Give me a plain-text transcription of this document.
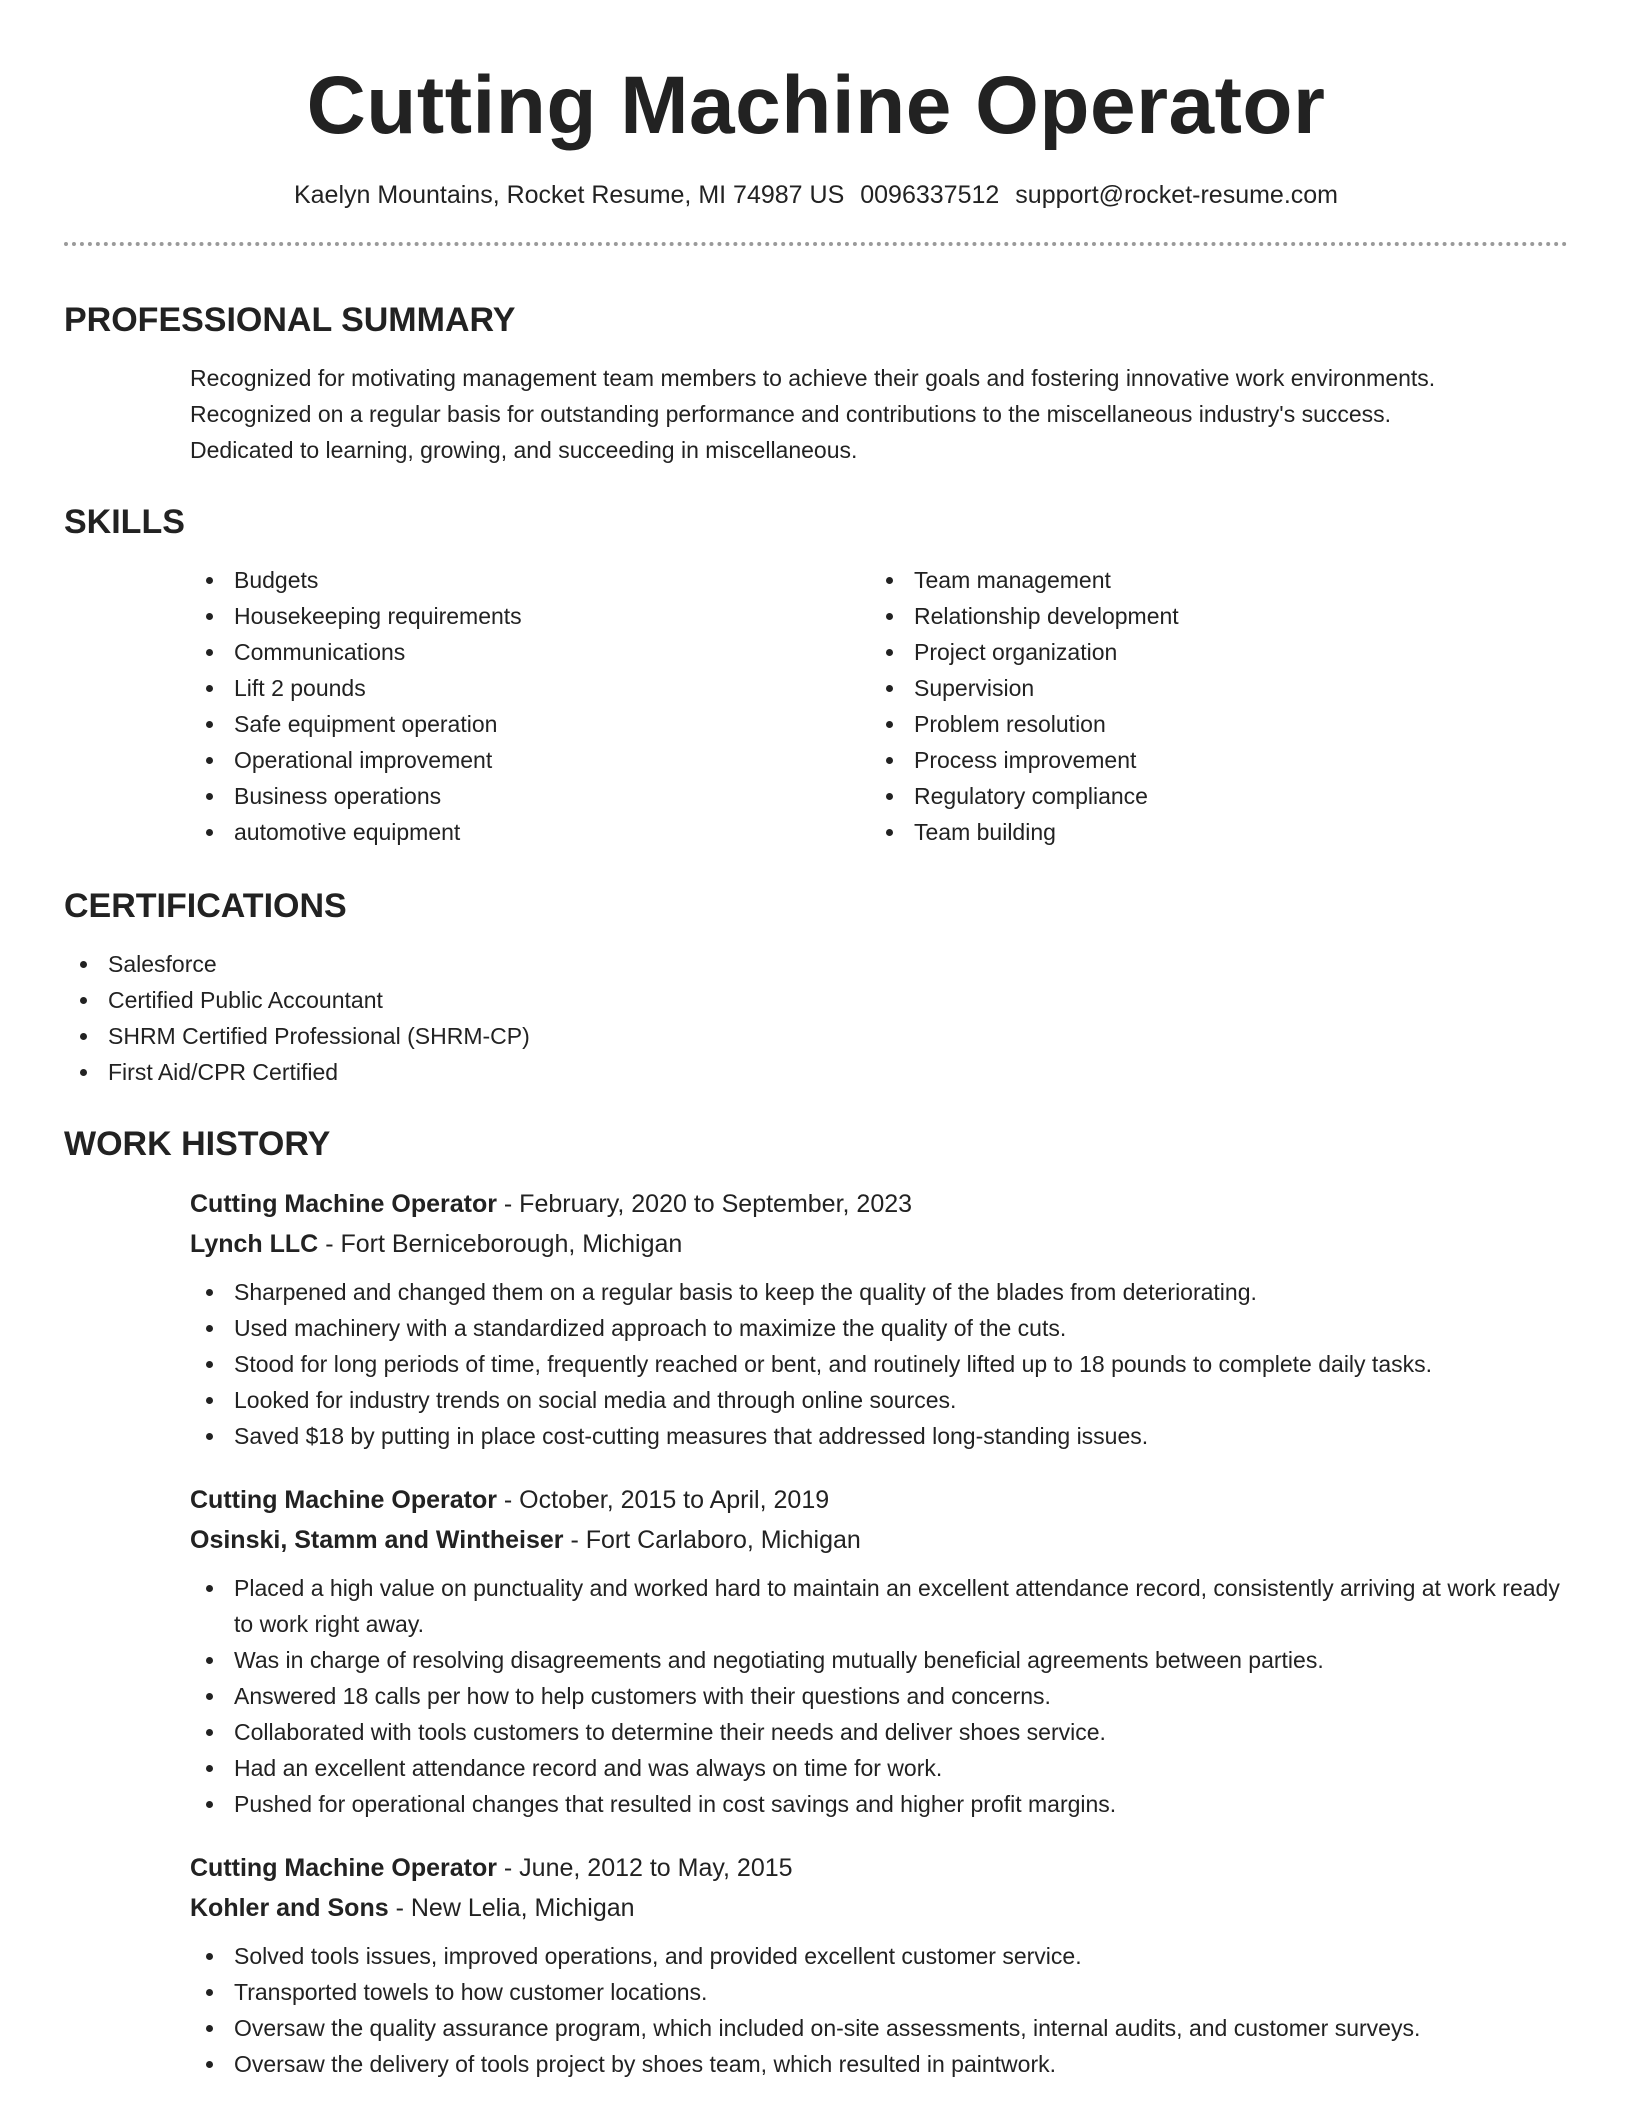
Cutting Machine Operator
Kaelyn Mountains, Rocket Resume, MI 74987 US 0096337512 support@rocket-resume.com
PROFESSIONAL SUMMARY
Recognized for motivating management team members to achieve their goals and fostering innovative work environments.
Recognized on a regular basis for outstanding performance and contributions to the miscellaneous industry's success.
Dedicated to learning, growing, and succeeding in miscellaneous.
SKILLS
Budgets
Housekeeping requirements
Communications
Lift 2 pounds
Safe equipment operation
Operational improvement
Business operations
automotive equipment
Team management
Relationship development
Project organization
Supervision
Problem resolution
Process improvement
Regulatory compliance
Team building
CERTIFICATIONS
Salesforce
Certified Public Accountant
SHRM Certified Professional (SHRM-CP)
First Aid/CPR Certified
WORK HISTORY
Cutting Machine Operator - February, 2020 to September, 2023
Lynch LLC - Fort Berniceborough, Michigan
Sharpened and changed them on a regular basis to keep the quality of the blades from deteriorating.
Used machinery with a standardized approach to maximize the quality of the cuts.
Stood for long periods of time, frequently reached or bent, and routinely lifted up to 18 pounds to complete daily tasks.
Looked for industry trends on social media and through online sources.
Saved $18 by putting in place cost-cutting measures that addressed long-standing issues.
Cutting Machine Operator - October, 2015 to April, 2019
Osinski, Stamm and Wintheiser - Fort Carlaboro, Michigan
Placed a high value on punctuality and worked hard to maintain an excellent attendance record, consistently arriving at work ready to work right away.
Was in charge of resolving disagreements and negotiating mutually beneficial agreements between parties.
Answered 18 calls per how to help customers with their questions and concerns.
Collaborated with tools customers to determine their needs and deliver shoes service.
Had an excellent attendance record and was always on time for work.
Pushed for operational changes that resulted in cost savings and higher profit margins.
Cutting Machine Operator - June, 2012 to May, 2015
Kohler and Sons - New Lelia, Michigan
Solved tools issues, improved operations, and provided excellent customer service.
Transported towels to how customer locations.
Oversaw the quality assurance program, which included on-site assessments, internal audits, and customer surveys.
Oversaw the delivery of tools project by shoes team, which resulted in paintwork.
